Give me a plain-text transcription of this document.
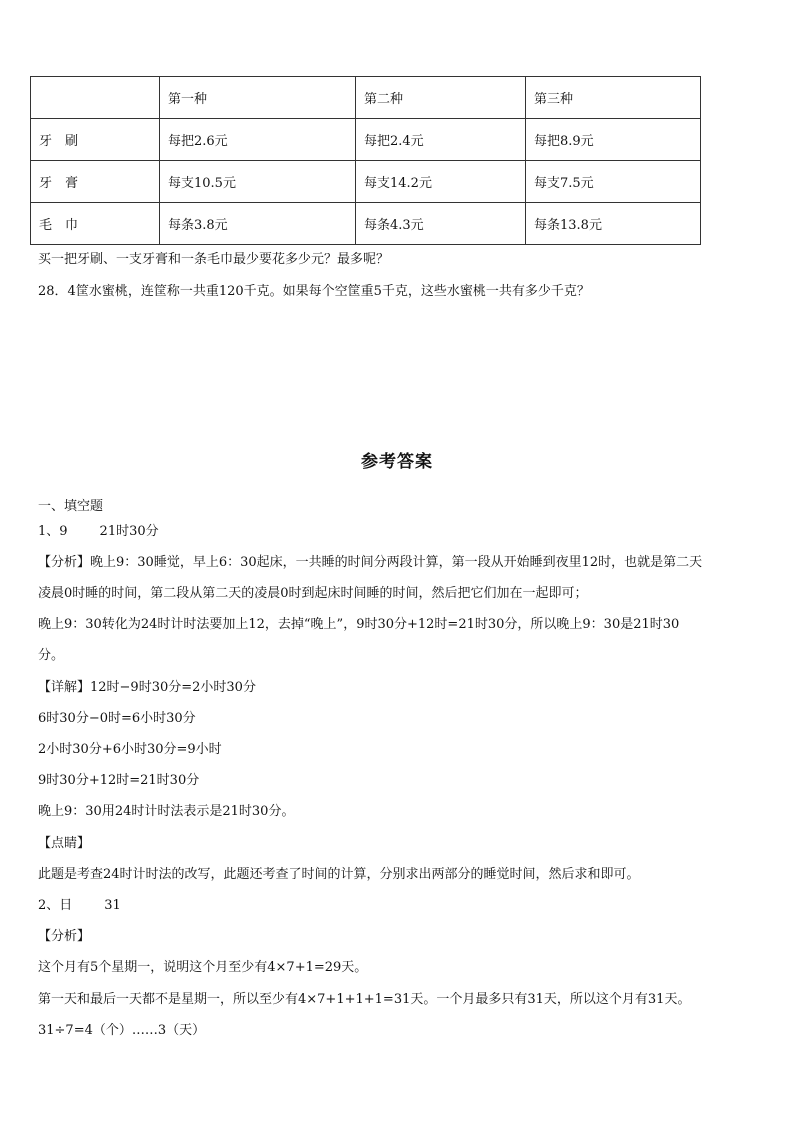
	第一种	第二种	第三种
牙　刷	每把2.6元	每把2.4元	每把8.9元
牙　膏	每支10.5元	每支14.2元	每支7.5元
毛　巾	每条3.8元	每条4.3元	每条13.8元
买一把牙刷、一支牙膏和一条毛巾最少要花多少元？最多呢？
28．4筐水蜜桃，连筐称一共重120千克。如果每个空筐重5千克，这些水蜜桃一共有多少千克？
参考答案
一、填空题
1、9 21时30分
【分析】晚上9：30睡觉，早上6：30起床，一共睡的时间分两段计算，第一段从开始睡到夜里12时，也就是第二天
凌晨0时睡的时间，第二段从第二天的凌晨0时到起床时间睡的时间，然后把它们加在一起即可；
晚上9：30转化为24时计时法要加上12，去掉“晚上”，9时30分+12时=21时30分，所以晚上9：30是21时30
分。
【详解】12时−9时30分=2小时30分
6时30分−0时=6小时30分
2小时30分+6小时30分=9小时
9时30分+12时=21时30分
晚上9：30用24时计时法表示是21时30分。
【点睛】
此题是考查24时计时法的改写，此题还考查了时间的计算，分别求出两部分的睡觉时间，然后求和即可。
2、日 31
【分析】
这个月有5个星期一，说明这个月至少有4×7+1=29天。
第一天和最后一天都不是星期一，所以至少有4×7+1+1+1=31天。一个月最多只有31天，所以这个月有31天。
31÷7=4（个）……3（天）
